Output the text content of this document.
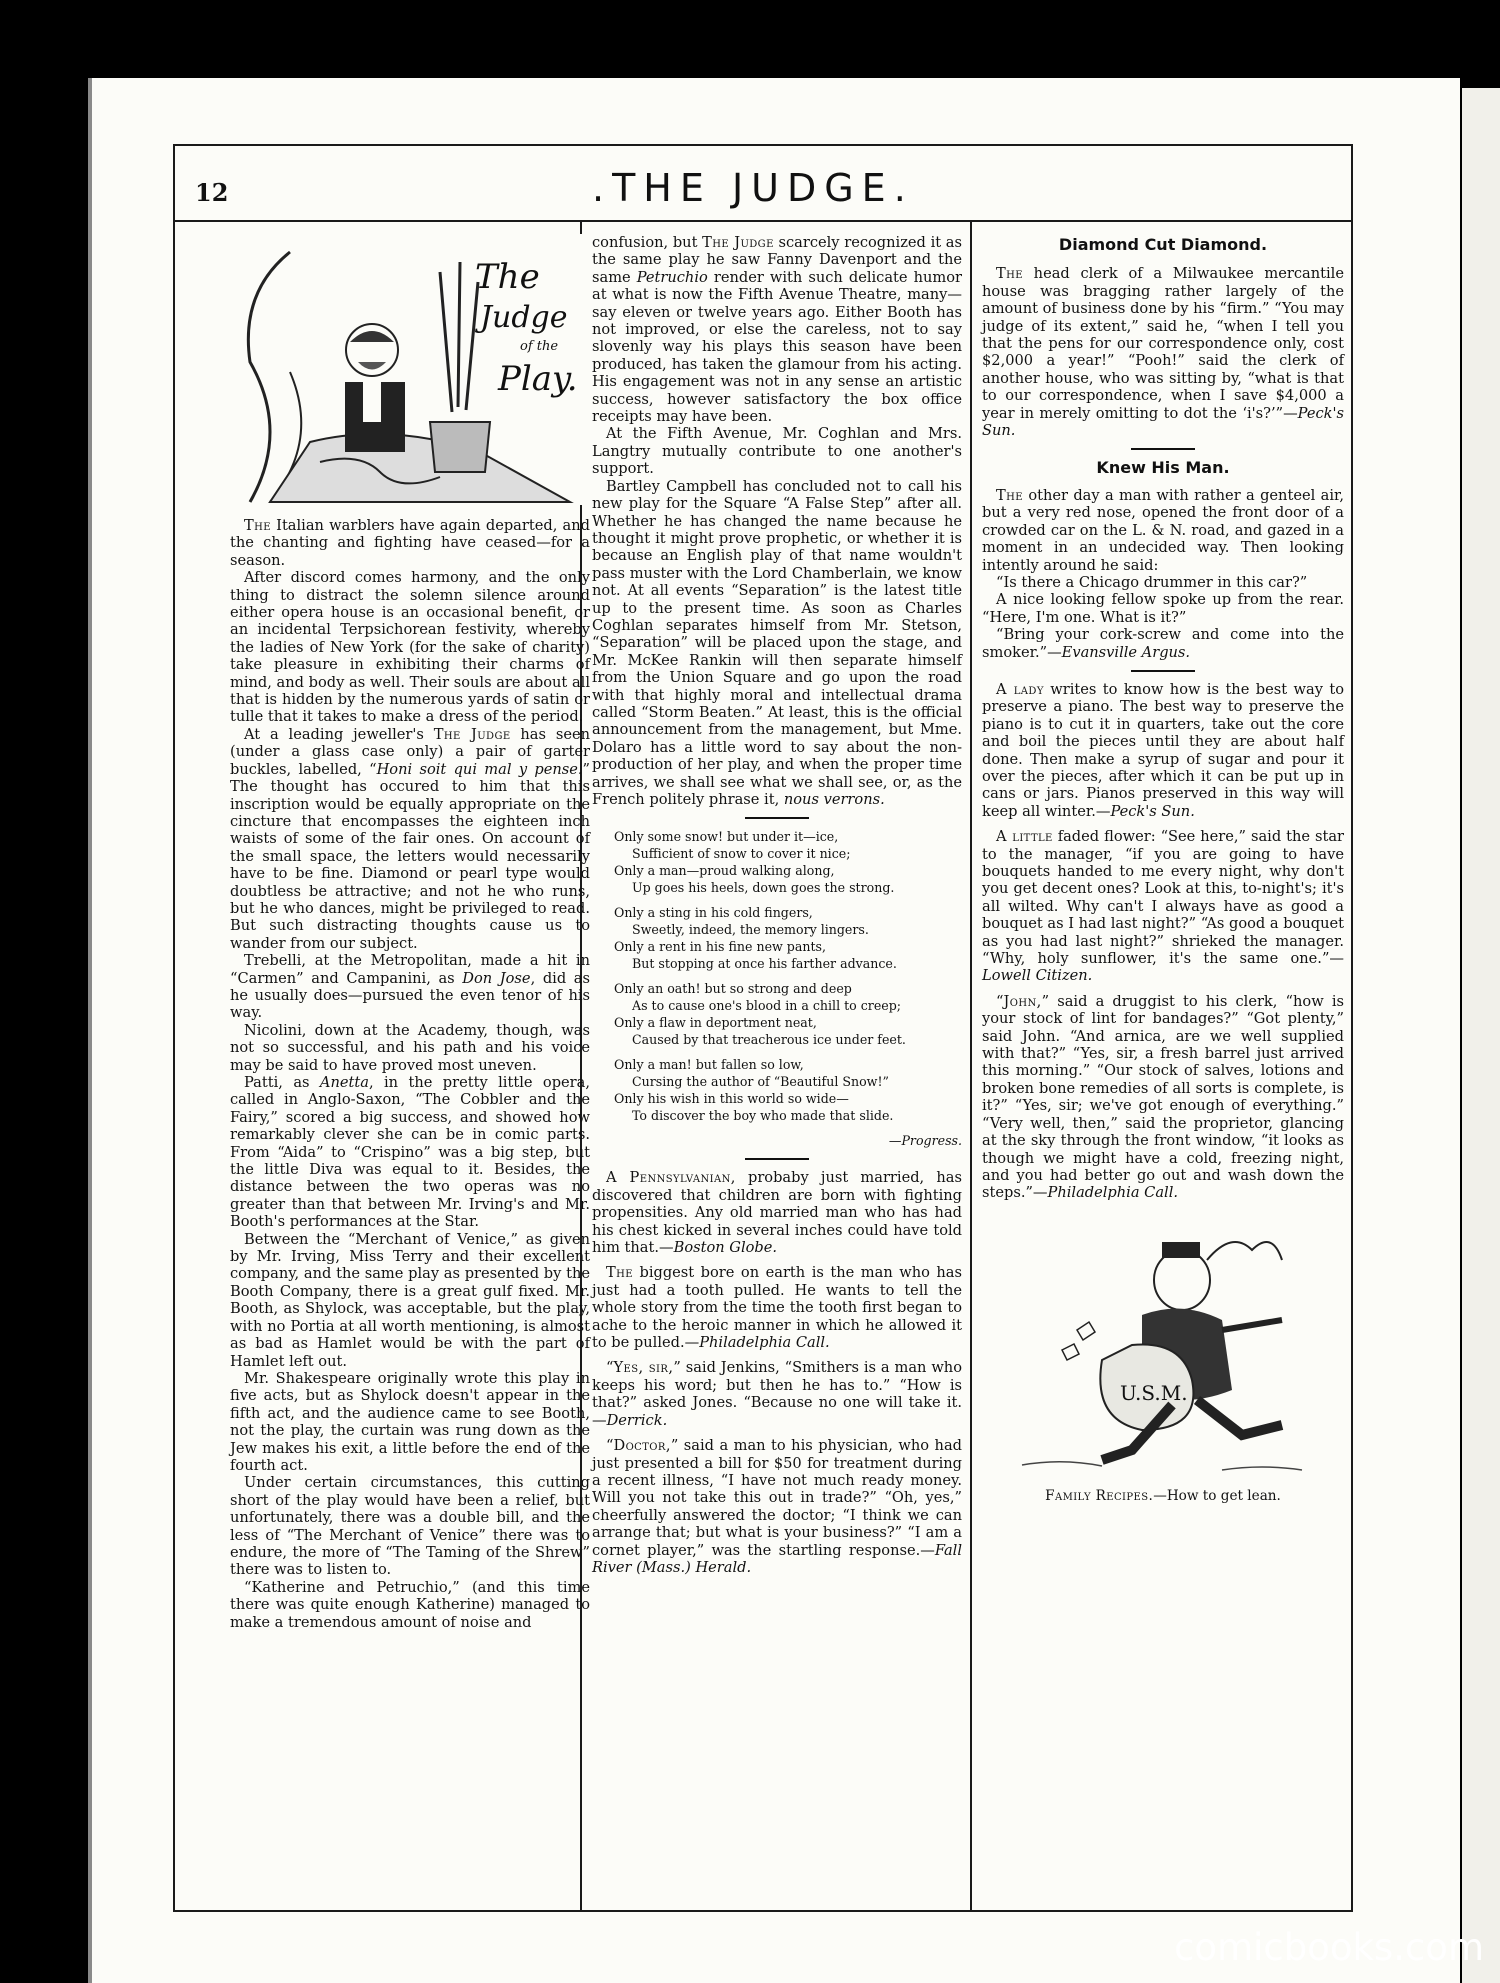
12	.THE JUDGE.
The
Judge
of the
Play.

The Italian warblers have again departed, and the chanting and fighting have ceased—for a season.

After discord comes harmony, and the only thing to distract the solemn silence around either opera house is an occasional benefit, or an incidental Terpsichorean festivity, whereby the ladies of New York (for the sake of charity) take pleasure in exhibiting their charms of mind, and body as well. Their souls are about all that is hidden by the numerous yards of satin or tulle that it takes to make a dress of the period.

At a leading jeweller's The Judge has seen (under a glass case only) a pair of garter buckles, labelled, “Honi soit qui mal y pense.” The thought has occured to him that this inscription would be equally appropriate on the cincture that encompasses the eighteen inch waists of some of the fair ones. On account of the small space, the letters would necessarily have to be fine. Diamond or pearl type would doubtless be attractive; and not he who runs, but he who dances, might be privileged to read. But such distracting thoughts cause us to wander from our subject.

Trebelli, at the Metropolitan, made a hit in “Carmen” and Campanini, as Don Jose, did as he usually does—pursued the even tenor of his way.

Nicolini, down at the Academy, though, was not so successful, and his path and his voice may be said to have proved most uneven.

Patti, as Anetta, in the pretty little opera, called in Anglo-Saxon, “The Cobbler and the Fairy,” scored a big success, and showed how remarkably clever she can be in comic parts. From “Aida” to “Crispino” was a big step, but the little Diva was equal to it. Besides, the distance between the two operas was no greater than that between Mr. Irving's and Mr. Booth's performances at the Star.

Between the “Merchant of Venice,” as given by Mr. Irving, Miss Terry and their excellent company, and the same play as presented by the Booth Company, there is a great gulf fixed. Mr. Booth, as Shylock, was acceptable, but the play, with no Portia at all worth mentioning, is almost as bad as Hamlet would be with the part of Hamlet left out.

Mr. Shakespeare originally wrote this play in five acts, but as Shylock doesn't appear in the fifth act, and the audience came to see Booth, not the play, the curtain was rung down as the Jew makes his exit, a little before the end of the fourth act.

Under certain circumstances, this cutting short of the play would have been a relief, but unfortunately, there was a double bill, and the less of “The Merchant of Venice” there was to endure, the more of “The Taming of the Shrew” there was to listen to.

“Katherine and Petruchio,” (and this time there was quite enough Katherine) managed to make a tremendous amount of noise and

confusion, but The Judge scarcely recognized it as the same play he saw Fanny Davenport and the same Petruchio render with such delicate humor at what is now the Fifth Avenue Theatre, many—say eleven or twelve years ago. Either Booth has not improved, or else the careless, not to say slovenly way his plays this season have been produced, has taken the glamour from his acting. His engagement was not in any sense an artistic success, however satisfactory the box office receipts may have been.

At the Fifth Avenue, Mr. Coghlan and Mrs. Langtry mutually contribute to one another's support.

Bartley Campbell has concluded not to call his new play for the Square “A False Step” after all. Whether he has changed the name because he thought it might prove prophetic, or whether it is because an English play of that name wouldn't pass muster with the Lord Chamberlain, we know not. At all events “Separation” is the latest title up to the present time. As soon as Charles Coghlan separates himself from Mr. Stetson, “Separation” will be placed upon the stage, and Mr. McKee Rankin will then separate himself from the Union Square and go upon the road with that highly moral and intellectual drama called “Storm Beaten.” At least, this is the official announcement from the management, but Mme. Dolaro has a little word to say about the non-production of her play, and when the proper time arrives, we shall see what we shall see, or, as the French politely phrase it, nous verrons.

Only some snow! but under it—ice,
Sufficient of snow to cover it nice;
Only a man—proud walking along,
Up goes his heels, down goes the strong.
Only a sting in his cold fingers,
Sweetly, indeed, the memory lingers.
Only a rent in his fine new pants,
But stopping at once his farther advance.
Only an oath! but so strong and deep
As to cause one's blood in a chill to creep;
Only a flaw in deportment neat,
Caused by that treacherous ice under feet.
Only a man! but fallen so low,
Cursing the author of “Beautiful Snow!”
Only his wish in this world so wide—
To discover the boy who made that slide.
—Progress.

A Pennsylvanian, probaby just married, has discovered that children are born with fighting propensities. Any old married man who has had his chest kicked in several inches could have told him that.—Boston Globe.

The biggest bore on earth is the man who has just had a tooth pulled. He wants to tell the whole story from the time the tooth first began to ache to the heroic manner in which he allowed it to be pulled.—Philadelphia Call.

“Yes, sir,” said Jenkins, “Smithers is a man who keeps his word; but then he has to.” “How is that?” asked Jones. “Because no one will take it.—Derrick.

“Doctor,” said a man to his physician, who had just presented a bill for $50 for treatment during a recent illness, “I have not much ready money. Will you not take this out in trade?” “Oh, yes,” cheerfully answered the doctor; “I think we can arrange that; but what is your business?” “I am a cornet player,” was the startling response.—Fall River (Mass.) Herald.

Diamond Cut Diamond.

The head clerk of a Milwaukee mercantile house was bragging rather largely of the amount of business done by his “firm.” “You may judge of its extent,” said he, “when I tell you that the pens for our correspondence only, cost $2,000 a year!” “Pooh!” said the clerk of another house, who was sitting by, “what is that to our correspondence, when I save $4,000 a year in merely omitting to dot the ‘i's?’”—Peck's Sun.

Knew His Man.

The other day a man with rather a genteel air, but a very red nose, opened the front door of a crowded car on the L. & N. road, and gazed in a moment in an undecided way. Then looking intently around he said:

“Is there a Chicago drummer in this car?”

A nice looking fellow spoke up from the rear. “Here, I'm one. What is it?”

“Bring your cork-screw and come into the smoker.”—Evansville Argus.

A lady writes to know how is the best way to preserve a piano. The best way to preserve the piano is to cut it in quarters, take out the core and boil the pieces until they are about half done. Then make a syrup of sugar and pour it over the pieces, after which it can be put up in cans or jars. Pianos preserved in this way will keep all winter.—Peck's Sun.

A little faded flower: “See here,” said the star to the manager, “if you are going to have bouquets handed to me every night, why don't you get decent ones? Look at this, to-night's; it's all wilted. Why can't I always have as good a bouquet as I had last night?” “As good a bouquet as you had last night?” shrieked the manager. “Why, holy sunflower, it's the same one.”—Lowell Citizen.

“John,” said a druggist to his clerk, “how is your stock of lint for bandages?” “Got plenty,” said John. “And arnica, are we well supplied with that?” “Yes, sir, a fresh barrel just arrived this morning.” “Our stock of salves, lotions and broken bone remedies of all sorts is complete, is it?” “Yes, sir; we've got enough of everything.” “Very well, then,” said the proprietor, glancing at the sky through the front window, “it looks as though we might have a cold, freezing night, and you had better go out and wash down the steps.”—Philadelphia Call.

U.S.M.
Family Recipes.—How to get lean.
comicbooks.com
